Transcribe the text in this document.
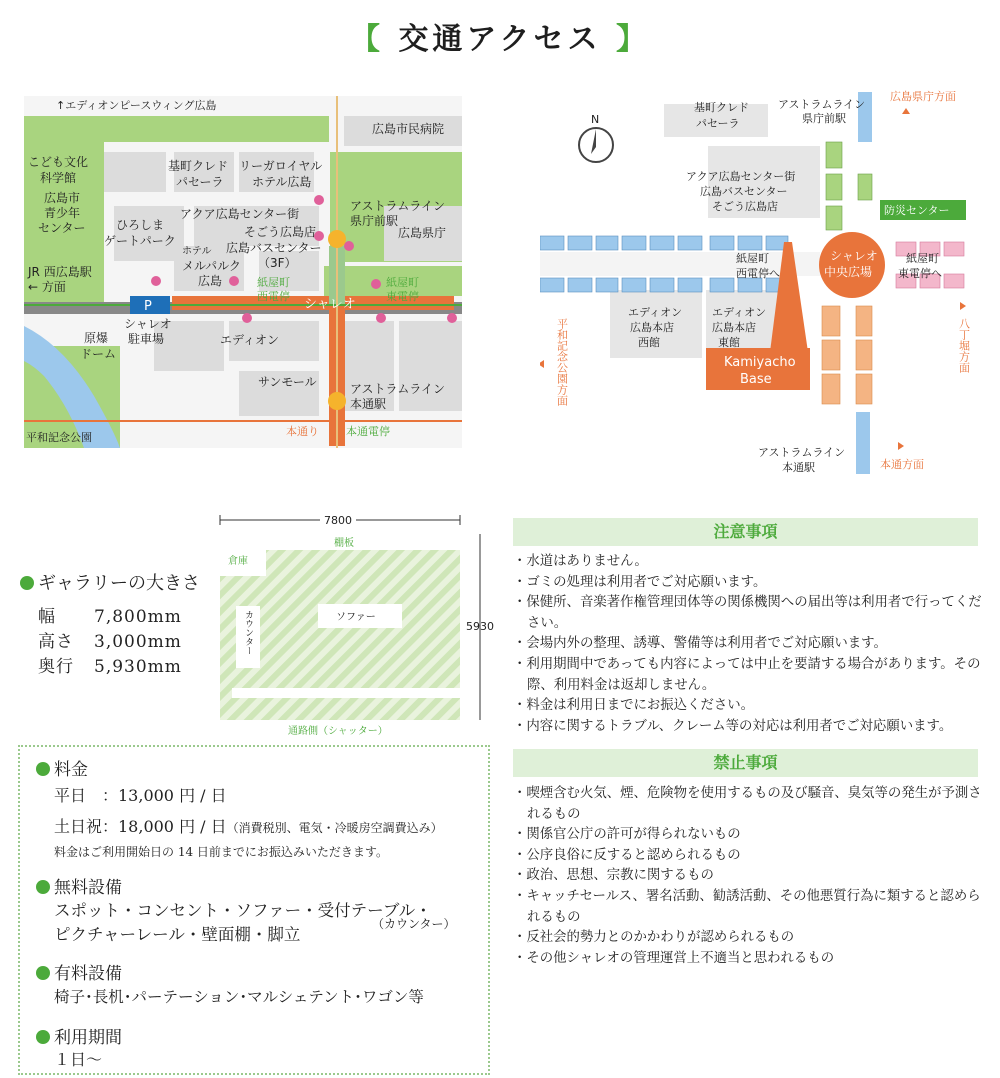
【 交通アクセス 】
P
↑エディオンピースウィング広島
広島市民病院
こども文化
科学館
基町クレド
パセーラ
リーガロイヤル
ホテル広島
広島市
青少年
センター	ひろしま
ゲートパーク
アクア広島センター街
アストラムライン
県庁前駅
そごう広島店
広島バスセンター
（3F）
ホテル
メルパルク
広島
広島県庁
JR 西広島駅
← 方面	紙屋町
西電停
紙屋町
東電停
シャレオ
シャレオ
駐車場
原爆
ドーム
エディオン
サンモール	アストラムライン
本通駅
平和記念公園	本通り 本通電停
N
基町クレド
パセーラ
アストラムライン
県庁前駅
広島県庁方面
アクア広島センター街
広島バスセンター
そごう広島店	防災センター
紙屋町
西電停へ
シャレオ
中央広場
紙屋町
東電停へ
平和記念公園方面	八丁堀方面
エディオン
広島本店
西館
エディオン
広島本店
東館
Kamiyacho
Base
アストラムライン
本通駅	本通方面
ギャラリーの大きさ
幅 7,800mm
高さ 3,000mm
奥行 5,930mm
7800
5930
棚板
倉庫
ソファー
カウンター
通路側（シャッター）
料金
平日　：13,000 円 / 日
土日祝：18,000 円 / 日（消費税別、電気・冷暖房空調費込み）
料金はご利用開始日の 14 日前までにお振込みいただきます。
無料設備
スポット・コンセント・ソファー・受付テーブル・
（カウンター）
ピクチャーレール・壁面棚・脚立
有料設備
椅子･長机･パーテーション･マルシェテント･ワゴン等
利用期間
１日～
注意事項
・ 水道はありません。
・ ゴミの処理は利用者でご対応願います。
・ 保健所、音楽著作権管理団体等の関係機関への届出等は利用者で行ってください。
・ 会場内外の整理、誘導、警備等は利用者でご対応願います。
・ 利用期間中であっても内容によっては中止を要請する場合があります。その際、利用料金は返却しません。
・ 料金は利用日までにお振込ください。
・ 内容に関するトラブル、クレーム等の対応は利用者でご対応願います。
禁止事項
・ 喫煙含む火気、煙、危険物を使用するもの及び騒音、臭気等の発生が予測されるもの
・ 関係官公庁の許可が得られないもの
・ 公序良俗に反すると認められるもの
・ 政治、思想、宗教に関するもの
・ キャッチセールス、署名活動、勧誘活動、その他悪質行為に類すると認められるもの
・ 反社会的勢力とのかかわりが認められるもの
・ その他シャレオの管理運営上不適当と思われるもの
